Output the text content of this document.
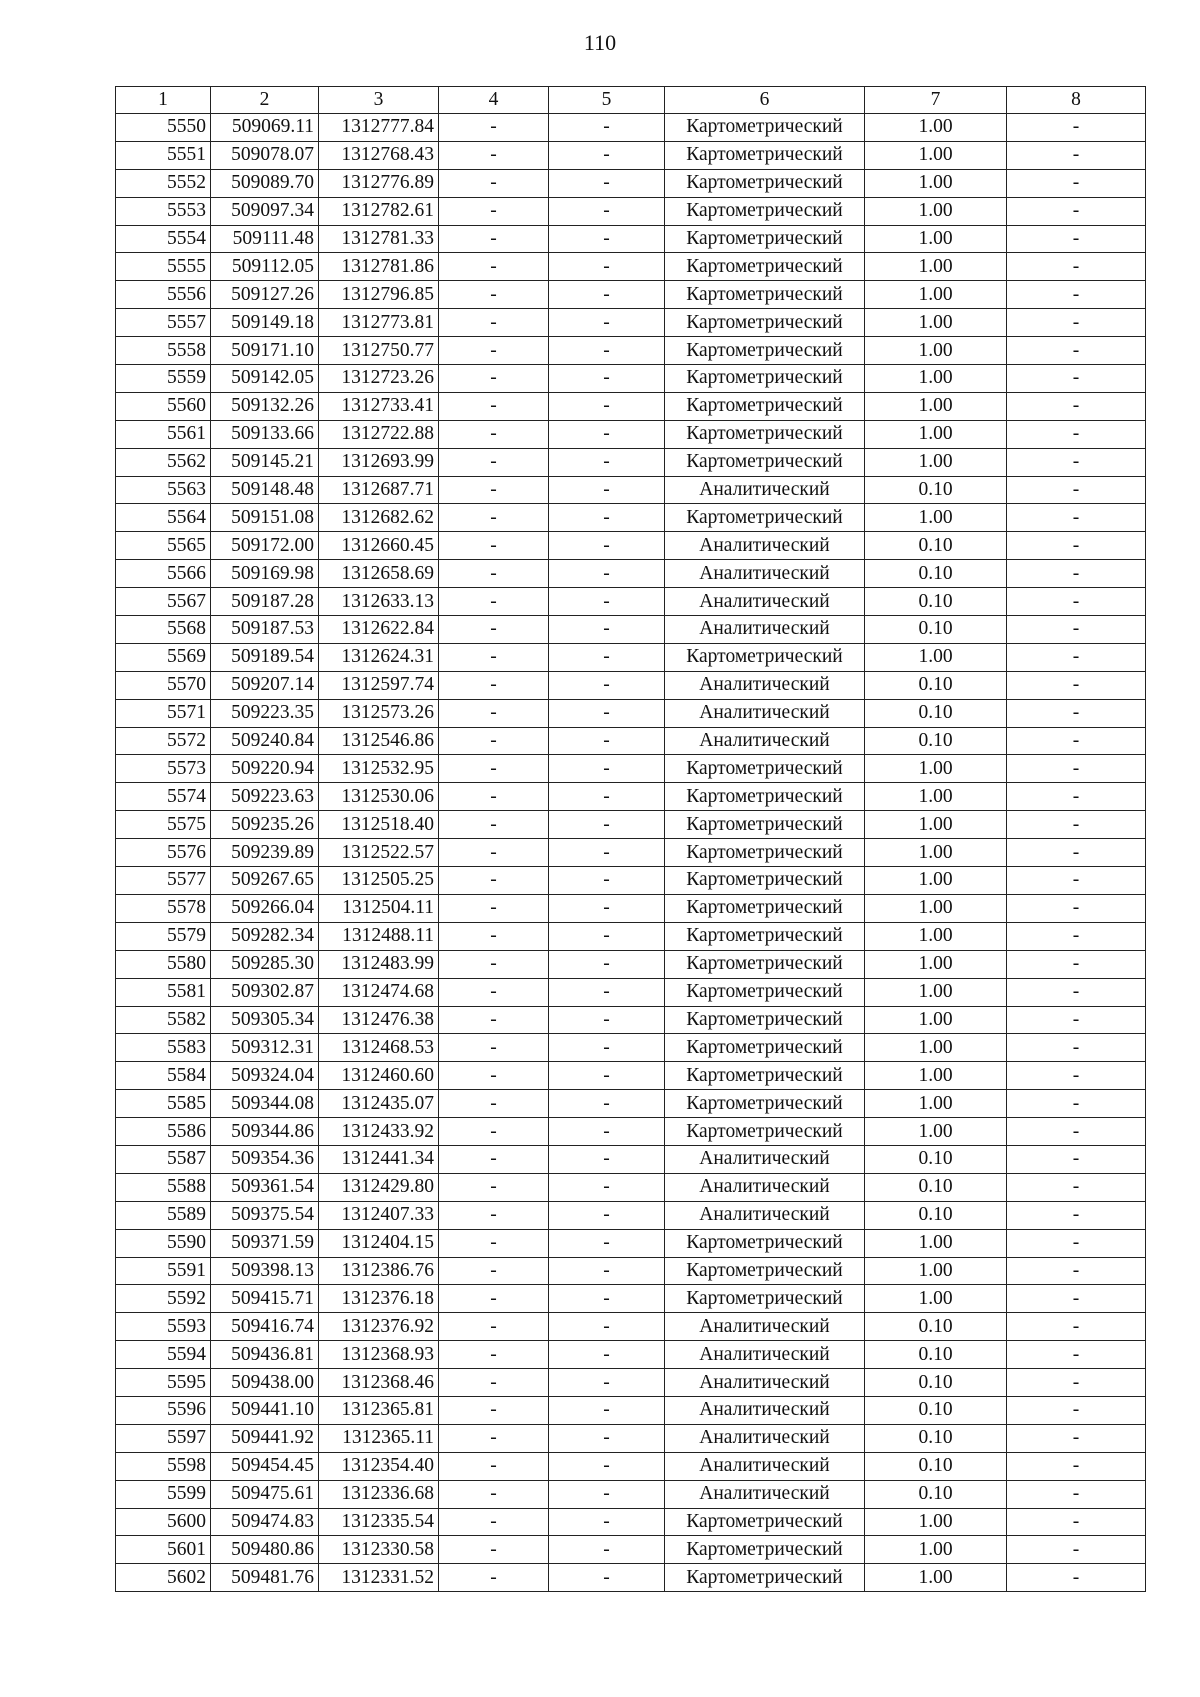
110
1	2	3	4	5	6	7	8
5550	509069.11	1312777.84	-	-	Картометрический	1.00	-
5551	509078.07	1312768.43	-	-	Картометрический	1.00	-
5552	509089.70	1312776.89	-	-	Картометрический	1.00	-
5553	509097.34	1312782.61	-	-	Картометрический	1.00	-
5554	509111.48	1312781.33	-	-	Картометрический	1.00	-
5555	509112.05	1312781.86	-	-	Картометрический	1.00	-
5556	509127.26	1312796.85	-	-	Картометрический	1.00	-
5557	509149.18	1312773.81	-	-	Картометрический	1.00	-
5558	509171.10	1312750.77	-	-	Картометрический	1.00	-
5559	509142.05	1312723.26	-	-	Картометрический	1.00	-
5560	509132.26	1312733.41	-	-	Картометрический	1.00	-
5561	509133.66	1312722.88	-	-	Картометрический	1.00	-
5562	509145.21	1312693.99	-	-	Картометрический	1.00	-
5563	509148.48	1312687.71	-	-	Аналитический	0.10	-
5564	509151.08	1312682.62	-	-	Картометрический	1.00	-
5565	509172.00	1312660.45	-	-	Аналитический	0.10	-
5566	509169.98	1312658.69	-	-	Аналитический	0.10	-
5567	509187.28	1312633.13	-	-	Аналитический	0.10	-
5568	509187.53	1312622.84	-	-	Аналитический	0.10	-
5569	509189.54	1312624.31	-	-	Картометрический	1.00	-
5570	509207.14	1312597.74	-	-	Аналитический	0.10	-
5571	509223.35	1312573.26	-	-	Аналитический	0.10	-
5572	509240.84	1312546.86	-	-	Аналитический	0.10	-
5573	509220.94	1312532.95	-	-	Картометрический	1.00	-
5574	509223.63	1312530.06	-	-	Картометрический	1.00	-
5575	509235.26	1312518.40	-	-	Картометрический	1.00	-
5576	509239.89	1312522.57	-	-	Картометрический	1.00	-
5577	509267.65	1312505.25	-	-	Картометрический	1.00	-
5578	509266.04	1312504.11	-	-	Картометрический	1.00	-
5579	509282.34	1312488.11	-	-	Картометрический	1.00	-
5580	509285.30	1312483.99	-	-	Картометрический	1.00	-
5581	509302.87	1312474.68	-	-	Картометрический	1.00	-
5582	509305.34	1312476.38	-	-	Картометрический	1.00	-
5583	509312.31	1312468.53	-	-	Картометрический	1.00	-
5584	509324.04	1312460.60	-	-	Картометрический	1.00	-
5585	509344.08	1312435.07	-	-	Картометрический	1.00	-
5586	509344.86	1312433.92	-	-	Картометрический	1.00	-
5587	509354.36	1312441.34	-	-	Аналитический	0.10	-
5588	509361.54	1312429.80	-	-	Аналитический	0.10	-
5589	509375.54	1312407.33	-	-	Аналитический	0.10	-
5590	509371.59	1312404.15	-	-	Картометрический	1.00	-
5591	509398.13	1312386.76	-	-	Картометрический	1.00	-
5592	509415.71	1312376.18	-	-	Картометрический	1.00	-
5593	509416.74	1312376.92	-	-	Аналитический	0.10	-
5594	509436.81	1312368.93	-	-	Аналитический	0.10	-
5595	509438.00	1312368.46	-	-	Аналитический	0.10	-
5596	509441.10	1312365.81	-	-	Аналитический	0.10	-
5597	509441.92	1312365.11	-	-	Аналитический	0.10	-
5598	509454.45	1312354.40	-	-	Аналитический	0.10	-
5599	509475.61	1312336.68	-	-	Аналитический	0.10	-
5600	509474.83	1312335.54	-	-	Картометрический	1.00	-
5601	509480.86	1312330.58	-	-	Картометрический	1.00	-
5602	509481.76	1312331.52	-	-	Картометрический	1.00	-
